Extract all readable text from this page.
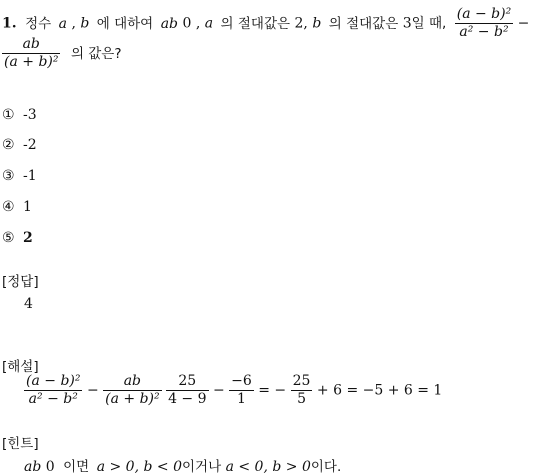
1. 정수 a , b 에 대하여 ab 0 , a 의 절대값은 2, b 의 절대값은 3일 때, $\frac{\text{(a − b)²}}{\text{a² − b²}}$ −
$\frac{ab}{\text{(a + b)²}}$ 의 값은?
① -3
② -2
③ -1
④ 1
⑤ 2
[정답]
4
[해설]
$\frac{\text{(a − b)²}}{\text{a² − b²}} - \frac{ab}{\text{(a + b)²}}$
$\frac{25}{4 - 9} - \frac{-6}{1}$ = − $\frac{25}{5} + 6 = -5 + 6 = 1$
[힌트]
ab 0 이면 a > 0, b < 0이거나 a < 0, b > 0이다.
